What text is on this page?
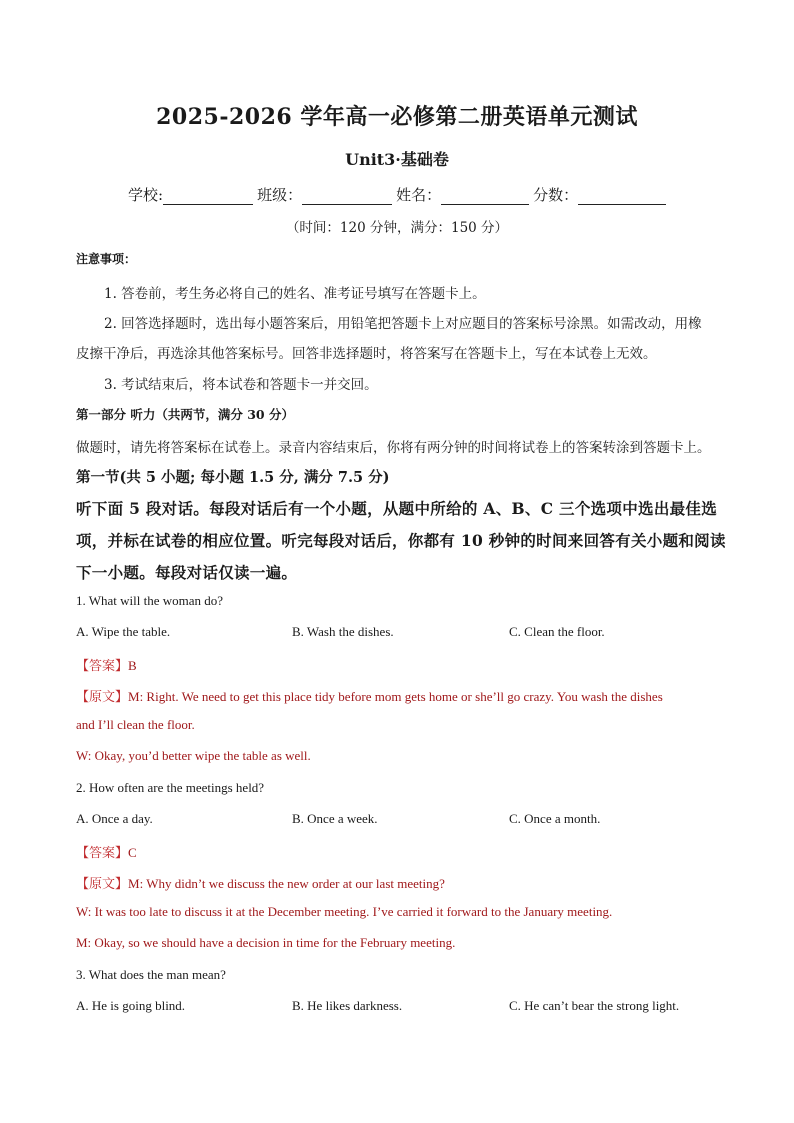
2025-2026 学年高一必修第二册英语单元测试
Unit3·基础卷
学校:	班级：	姓名：	分数：
（时间：120 分钟，满分：150 分）
注意事项：
1. 答卷前，考生务必将自己的姓名、准考证号填写在答题卡上。
2. 回答选择题时，选出每小题答案后，用铅笔把答题卡上对应题目的答案标号涂黑。如需改动，用橡
皮擦干净后，再选涂其他答案标号。回答非选择题时，将答案写在答题卡上，写在本试卷上无效。
3. 考试结束后，将本试卷和答题卡一并交回。
第一部分 听力（共两节，满分 30 分）
做题时，请先将答案标在试卷上。录音内容结束后，你将有两分钟的时间将试卷上的答案转涂到答题卡上。
第一节(共 5 小题; 每小题 1.5 分, 满分 7.5 分)
听下面 5 段对话。每段对话后有一个小题，从题中所给的 A、B、C 三个选项中选出最佳选
项，并标在试卷的相应位置。听完每段对话后，你都有 10 秒钟的时间来回答有关小题和阅读
下一小题。每段对话仅读一遍。
1. What will the woman do?
A. Wipe the table.	B. Wash the dishes.	C. Clean the floor.
【答案】B
【原文】M: Right. We need to get this place tidy before mom gets home or she’ll go crazy. You wash the dishes
and I’ll clean the floor.
W: Okay, you’d better wipe the table as well.
2. How often are the meetings held?
A. Once a day.	B. Once a week.	C. Once a month.
【答案】C
【原文】M: Why didn’t we discuss the new order at our last meeting?
W: It was too late to discuss it at the December meeting. I’ve carried it forward to the January meeting.
M: Okay, so we should have a decision in time for the February meeting.
3. What does the man mean?
A. He is going blind.	B. He likes darkness.	C. He can’t bear the strong light.
